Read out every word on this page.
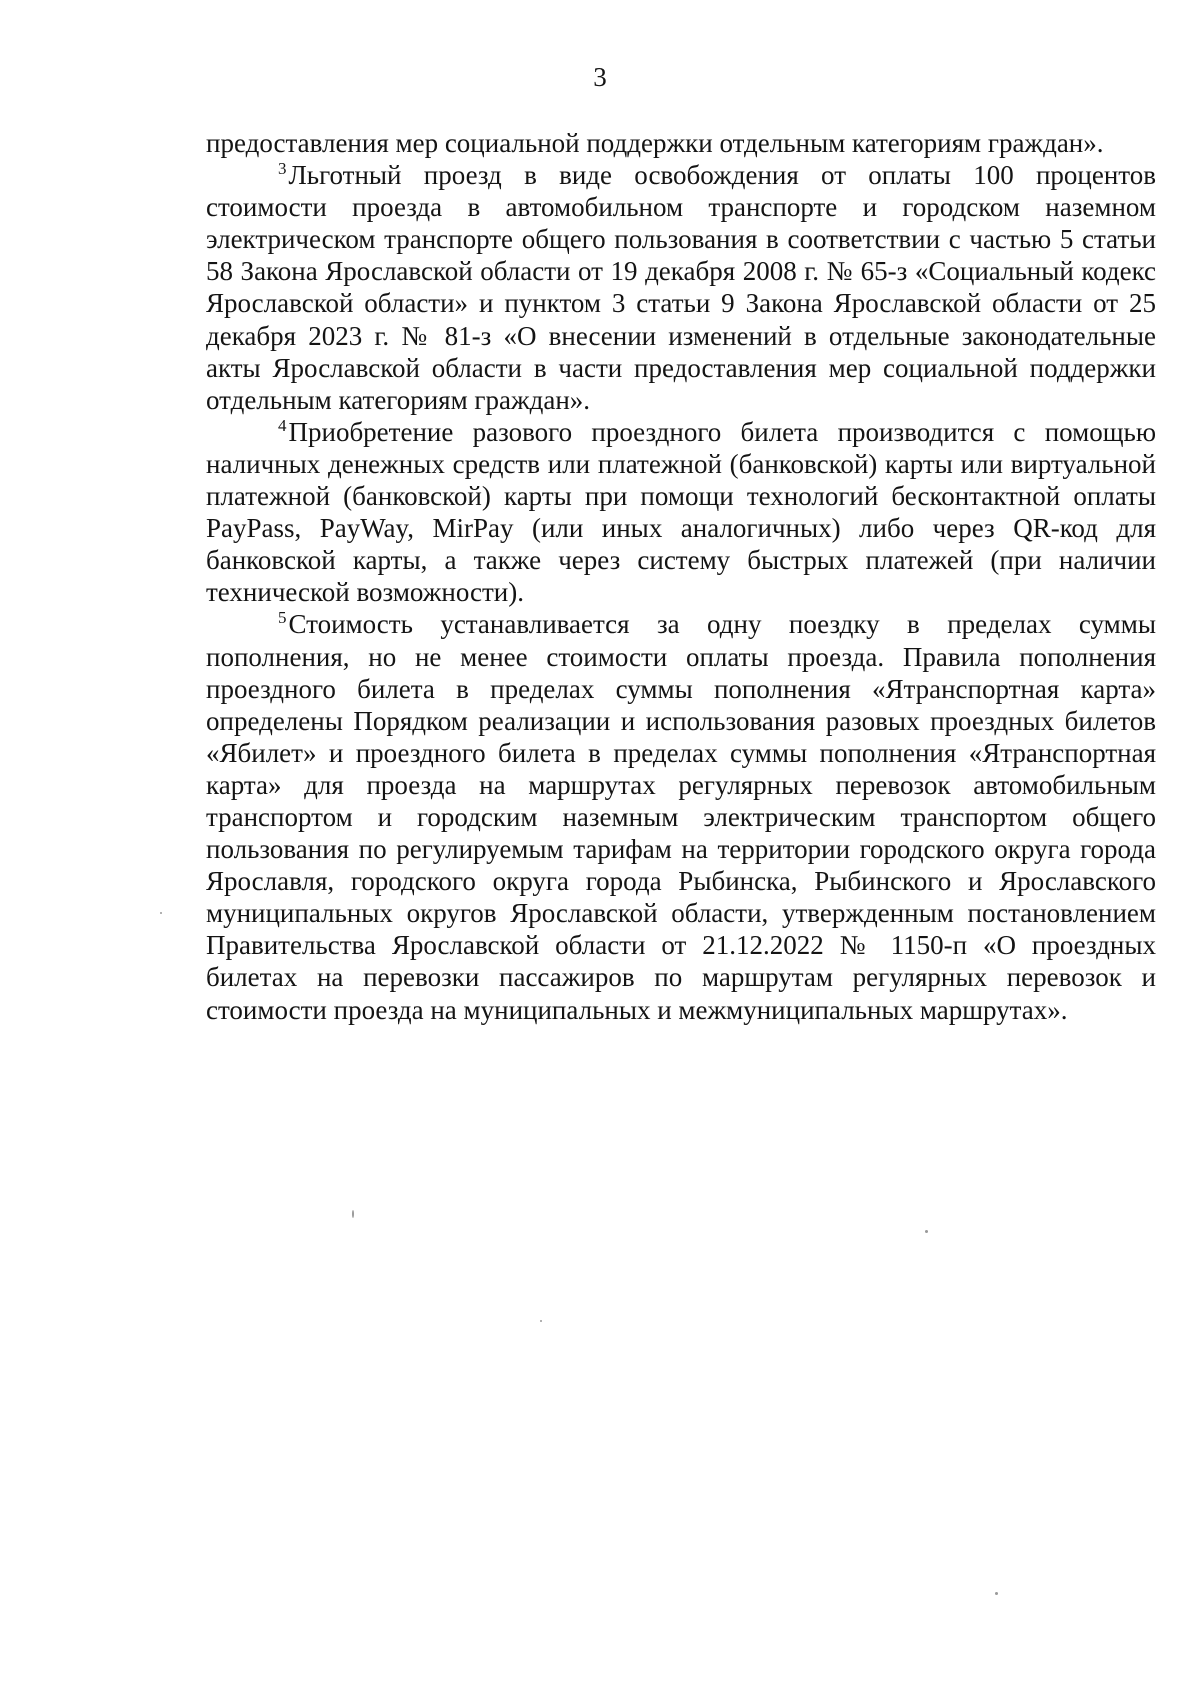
3

предоставления мер социальной поддержки отдельным категориям граждан».

$^3$Льготный проезд в виде освобождения от оплаты 100 процентов стоимости проезда в автомобильном транспорте и городском наземном электрическом транспорте общего пользования в соответствии с частью 5 статьи 58 Закона Ярославской области от 19 декабря 2008 г. № 65-з «Социальный кодекс Ярославской области» и пунктом 3 статьи 9 Закона Ярославской области от 25 декабря 2023 г. № 81-з «О внесении изменений в отдельные законодательные акты Ярославской области в части предоставления мер социальной поддержки отдельным категориям граждан».

$^4$Приобретение разового проездного билета производится с помощью наличных денежных средств или платежной (банковской) карты или виртуальной платежной (банковской) карты при помощи технологий бесконтактной оплаты PayPass, PayWay, MirPay (или иных аналогичных) либо через QR-код для банковской карты, а также через систему быстрых платежей (при наличии технической возможности).

$^5$Стоимость устанавливается за одну поездку в пределах суммы пополнения, но не менее стоимости оплаты проезда. Правила пополнения проездного билета в пределах суммы пополнения «Ятранспортная карта» определены Порядком реализации и использования разовых проездных билетов «Ябилет» и проездного билета в пределах суммы пополнения «Ятранспортная карта» для проезда на маршрутах регулярных перевозок автомобильным транспортом и городским наземным электрическим транспортом общего пользования по регулируемым тарифам на территории городского округа города Ярославля, городского округа города Рыбинска, Рыбинского и Ярославского муниципальных округов Ярославской области, утвержденным постановлением Правительства Ярославской области от 21.12.2022 № 1150-п «О проездных билетах на перевозки пассажиров по маршрутам регулярных перевозок и стоимости проезда на муниципальных и межмуниципальных маршрутах».
